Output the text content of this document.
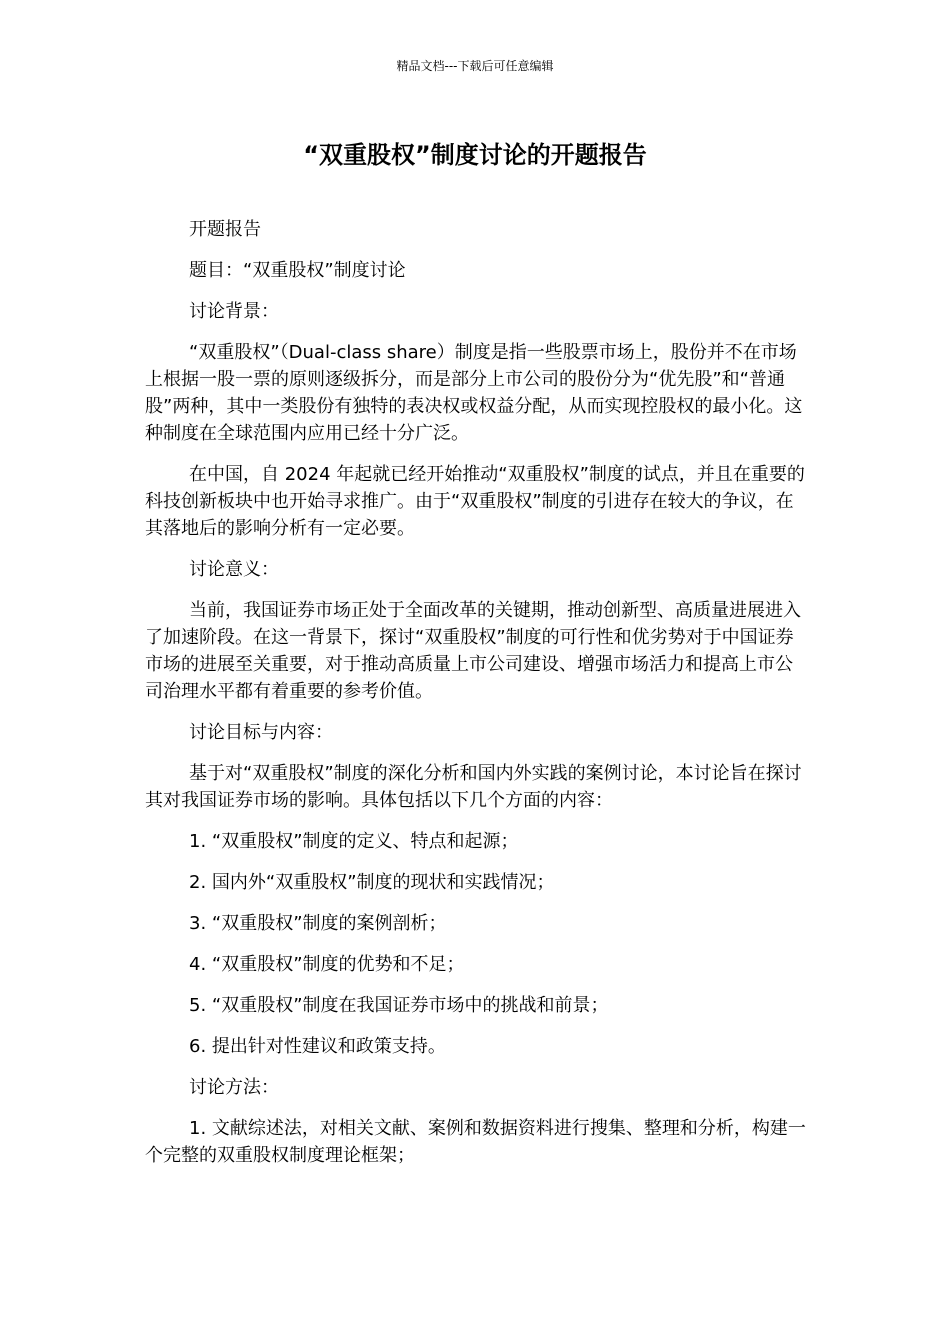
精品文档---下载后可任意编辑
“双重股权”制度讨论的开题报告

开题报告

题目：“双重股权”制度讨论

讨论背景：

“双重股权”（Dual-class share）制度是指一些股票市场上，股份并不在市场上根据一股一票的原则逐级拆分，而是部分上市公司的股份分为“优先股”和“普通股”两种，其中一类股份有独特的表决权或权益分配，从而实现控股权的最小化。这种制度在全球范围内应用已经十分广泛。

在中国，自 2024 年起就已经开始推动“双重股权”制度的试点，并且在重要的科技创新板块中也开始寻求推广。由于“双重股权”制度的引进存在较大的争议，在其落地后的影响分析有一定必要。

讨论意义：

当前，我国证券市场正处于全面改革的关键期，推动创新型、高质量进展进入了加速阶段。在这一背景下，探讨“双重股权”制度的可行性和优劣势对于中国证券市场的进展至关重要，对于推动高质量上市公司建设、增强市场活力和提高上市公司治理水平都有着重要的参考价值。

讨论目标与内容：

基于对“双重股权”制度的深化分析和国内外实践的案例讨论，本讨论旨在探讨其对我国证券市场的影响。具体包括以下几个方面的内容：

1. “双重股权”制度的定义、特点和起源；

2. 国内外“双重股权”制度的现状和实践情况；

3. “双重股权”制度的案例剖析；

4. “双重股权”制度的优势和不足；

5. “双重股权”制度在我国证券市场中的挑战和前景；

6. 提出针对性建议和政策支持。

讨论方法：

1. 文献综述法，对相关文献、案例和数据资料进行搜集、整理和分析，构建一个完整的双重股权制度理论框架；
